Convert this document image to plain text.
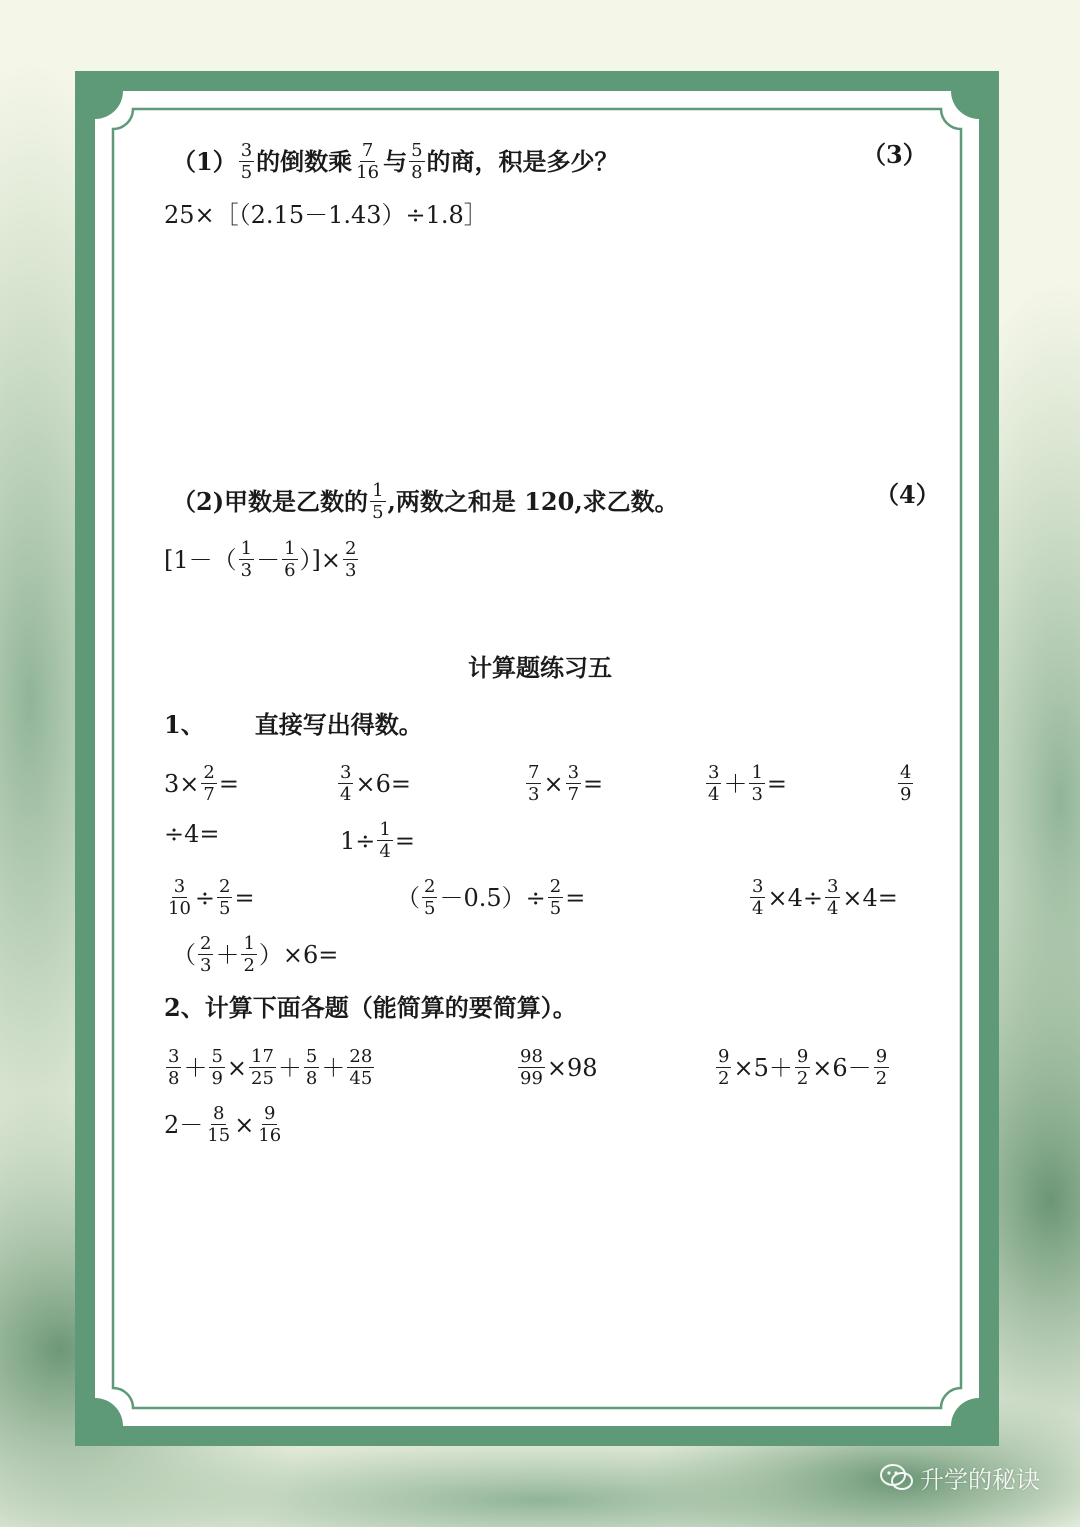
$(1) \frac{3}{5}$ 的倒数乘 $\frac{7}{16}$ 与 $\frac{5}{8}$ 的商，积是多少？	（3）
25×［（2.15－1.43）÷1.8］
（2)甲数是乙数的 $\frac{1}{5}$ ,两数之和是 120,求乙数。	（4）
[$1-( \frac{1}{3} - \frac{1}{6}$ ）]× $\frac{2}{3}$
计算题练习五
1、 直接写出得数。
$3\times \frac{2}{7}$ =	$\frac{3}{4} \times 6=$	$\frac{7}{3} \times \frac{3}{7}$ =	$\frac{3}{4} + \frac{1}{3}$ =	$\frac{4}{9}$
÷4=	$1\div \frac{1}{4}$ =
$\frac{3}{10} \div \frac{2}{5}$ =	（ $\frac{2}{5} -0.5)\div \frac{2}{5}$ =	$\frac{3}{4} \times 4\div \frac{3}{4} \times 4=$
（ $\frac{2}{3} + \frac{1}{2} )\times 6=$
2、计算下面各题（能简算的要简算）。
$\frac{3}{8} + \frac{5}{9} \times \frac{17}{25} + \frac{5}{8} + \frac{28}{45}$	$\frac{98}{99} \times 98$	$\frac{9}{2} \times 5+ \frac{9}{2} \times 6- \frac{9}{2}$
$2- \frac{8}{15} \times \frac{9}{16}$
升学的秘诀
